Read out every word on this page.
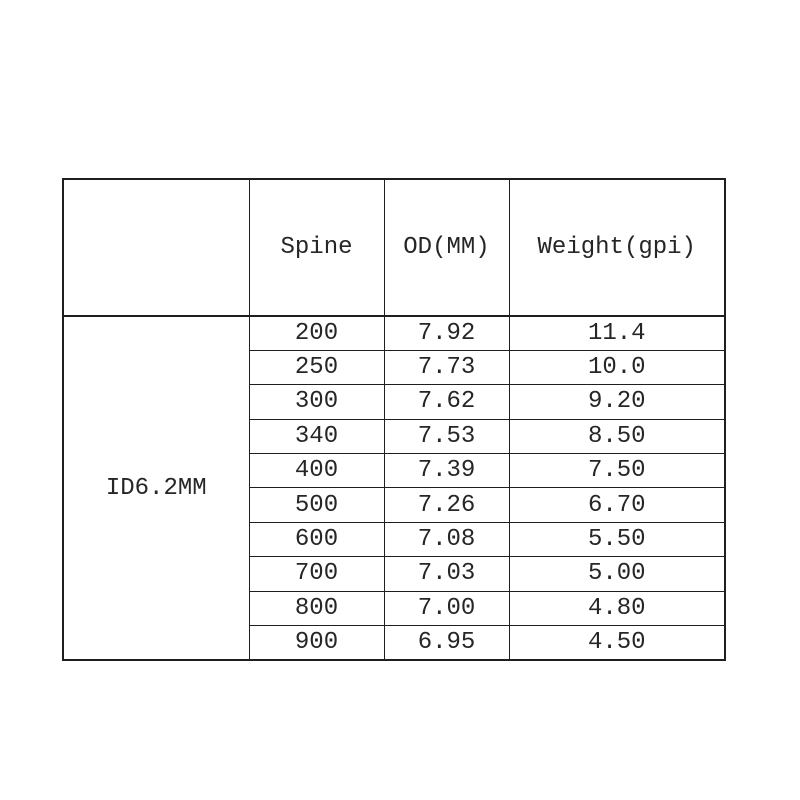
	Spine	OD(MM)	Weight(gpi)
ID6.2MM	200	7.92	11.4
	250	7.73	10.0
	300	7.62	9.20
	340	7.53	8.50
	400	7.39	7.50
	500	7.26	6.70
	600	7.08	5.50
	700	7.03	5.00
	800	7.00	4.80
	900	6.95	4.50
